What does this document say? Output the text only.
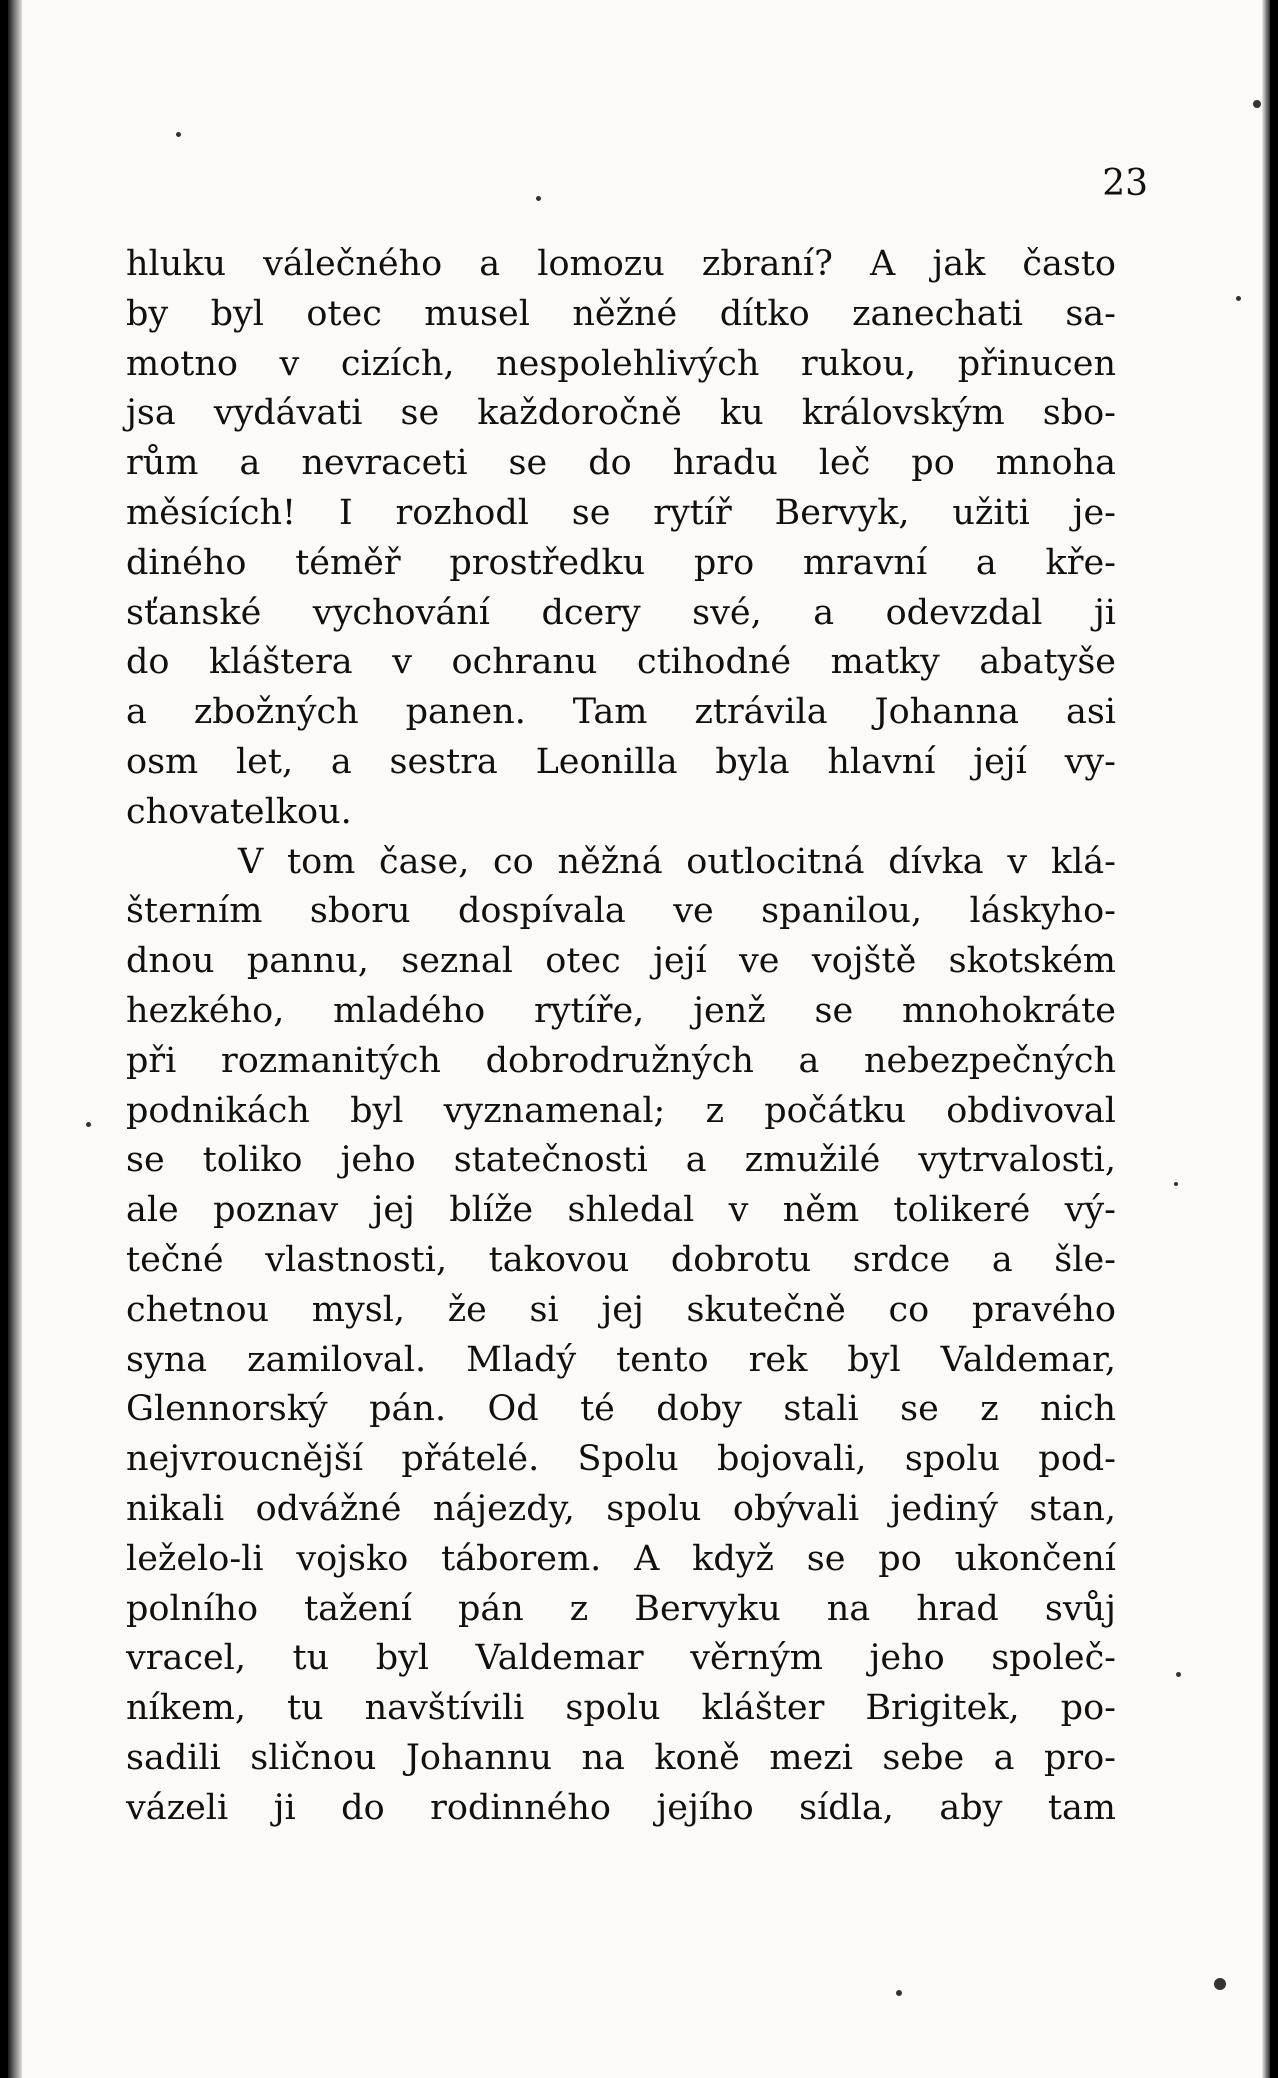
23
hluku válečného a lomozu zbraní? A jak často
by byl otec musel něžné dítko zanechati sa-
motno v cizích, nespolehlivých rukou, přinucen
jsa vydávati se každoročně ku královským sbo-
rům a nevraceti se do hradu leč po mnoha
měsících! I rozhodl se rytíř Bervyk, užiti je-
diného téměř prostředku pro mravní a kře-
sťanské vychování dcery své, a odevzdal ji
do kláštera v ochranu ctihodné matky abatyše
a zbožných panen. Tam ztrávila Johanna asi
osm let, a sestra Leonilla byla hlavní její vy-
chovatelkou.
V tom čase, co něžná outlocitná dívka v klá-
šterním sboru dospívala ve spanilou, láskyho-
dnou pannu, seznal otec její ve vojště skotském
hezkého, mladého rytíře, jenž se mnohokráte
při rozmanitých dobrodružných a nebezpečných
podnikách byl vyznamenal; z počátku obdivoval
se toliko jeho statečnosti a zmužilé vytrvalosti,
ale poznav jej blíže shledal v něm tolikeré vý-
tečné vlastnosti, takovou dobrotu srdce a šle-
chetnou mysl, že si jej skutečně co pravého
syna zamiloval. Mladý tento rek byl Valdemar,
Glennorský pán. Od té doby stali se z nich
nejvroucnější přátelé. Spolu bojovali, spolu pod-
nikali odvážné nájezdy, spolu obývali jediný stan,
leželo-li vojsko táborem. A když se po ukončení
polního tažení pán z Bervyku na hrad svůj
vracel, tu byl Valdemar věrným jeho společ-
níkem, tu navštívili spolu klášter Brigitek, po-
sadili sličnou Johannu na koně mezi sebe a pro-
vázeli ji do rodinného jejího sídla, aby tam
